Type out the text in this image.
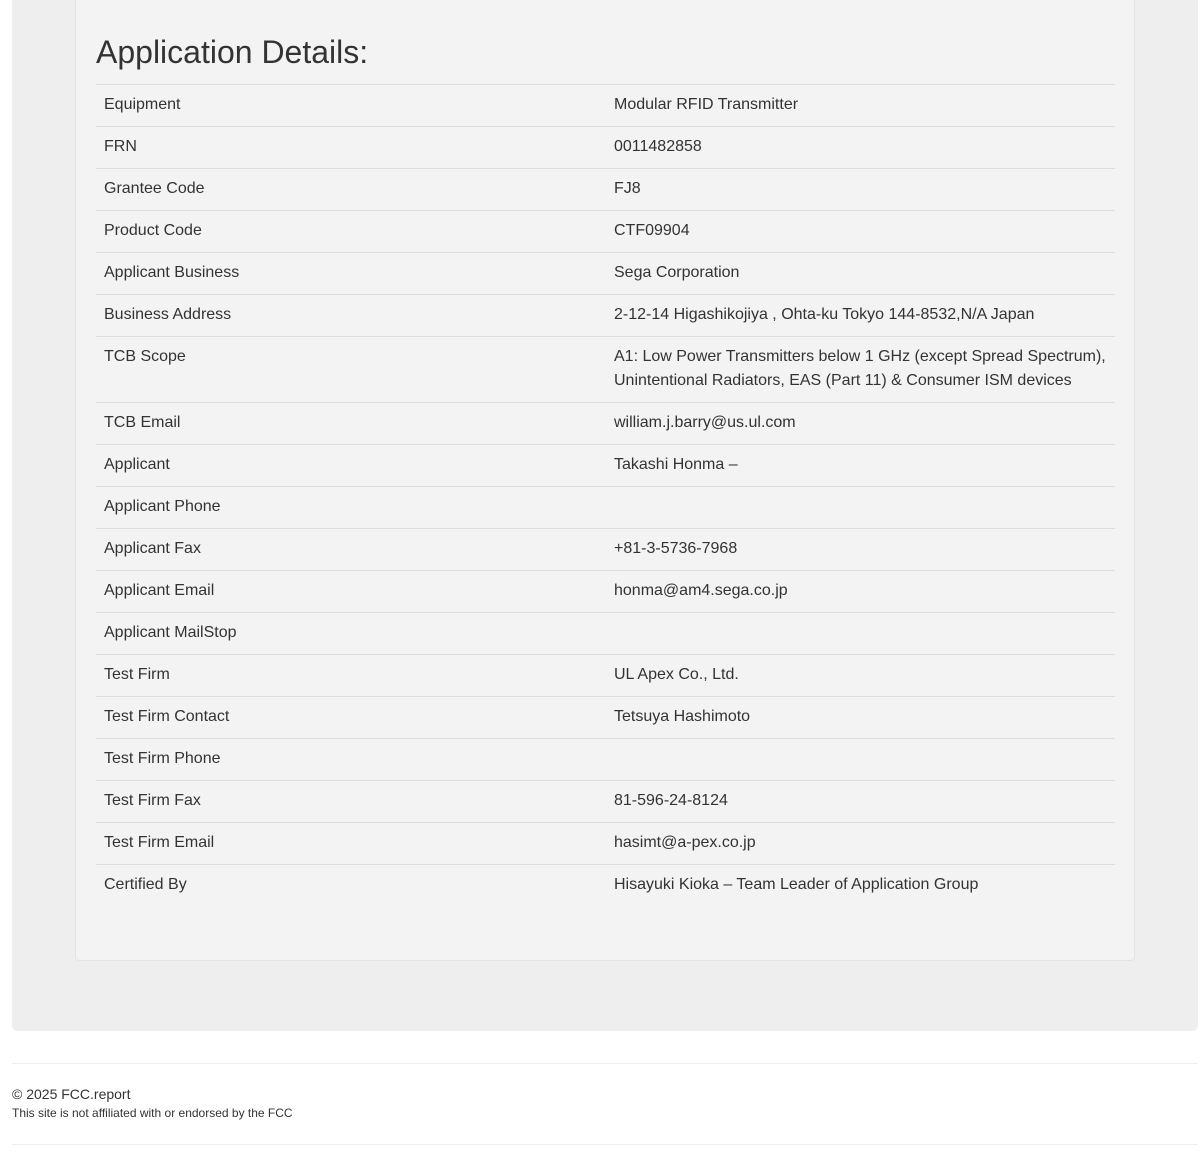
Application Details:
Equipment	Modular RFID Transmitter
FRN	0011482858
Grantee Code	FJ8
Product Code	CTF09904
Applicant Business	Sega Corporation
Business Address	2-12-14 Higashikojiya , Ohta-ku Tokyo 144-8532,N/A Japan
TCB Scope	A1: Low Power Transmitters below 1 GHz (except Spread Spectrum), Unintentional Radiators, EAS (Part 11) & Consumer ISM devices
TCB Email	william.j.barry@us.ul.com
Applicant	Takashi Honma –
Applicant Phone	
Applicant Fax	+81-3-5736-7968
Applicant Email	honma@am4.sega.co.jp
Applicant MailStop	
Test Firm	UL Apex Co., Ltd.
Test Firm Contact	Tetsuya Hashimoto
Test Firm Phone	
Test Firm Fax	81-596-24-8124
Test Firm Email	hasimt@a-pex.co.jp
Certified By	Hisayuki Kioka – Team Leader of Application Group
© 2025 FCC.report
This site is not affiliated with or endorsed by the FCC
